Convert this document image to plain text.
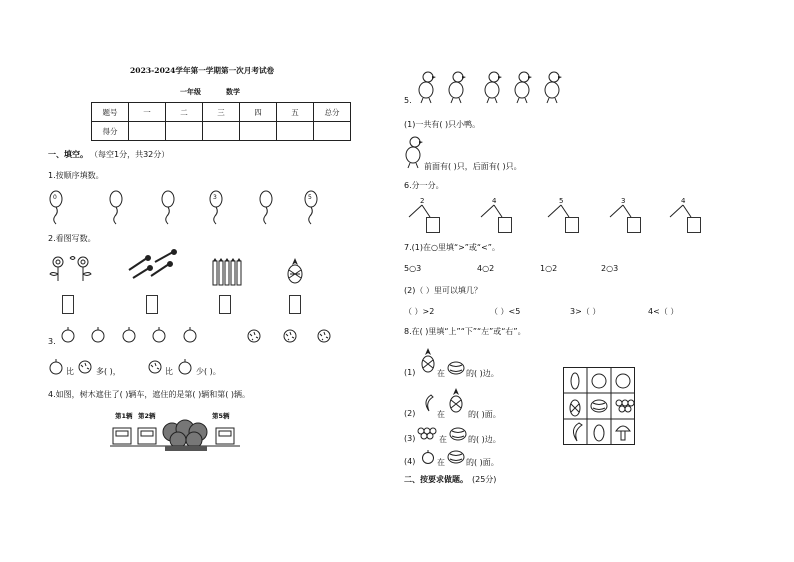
2023-2024学年第一学期第一次月考试卷
一年级	数学
题号	一	二	三	四	五	总分
得分						
一、填空。 （每空1分，共32分）
1.按顺序填数。
0	3	5
2.看图写数。
3.
比	多( )，	比	少( )。
4.如图，树木遮住了( )辆车，遮住的是第( )辆和第( )辆。
第1辆 第2辆	第5辆
5.
(1)一共有( )只小鸭。
前面有( )只，后面有( )只。
6.分一分。
2	4	5	3	4
7.(1)在○里填“>”或“<”。
5○3	4○2	1○2	2○3
(2)（ ）里可以填几？
（ ）>2	（ ）<5	3>（ ）	4<（ ）
8.在( )里填“上”“下”“左”或“右”。
(1)	在	的( )边。
(2)	在	的( )面。
(3)	在	的( )边。
(4)	在	的( )面。
二、按要求做题。 (25分)
